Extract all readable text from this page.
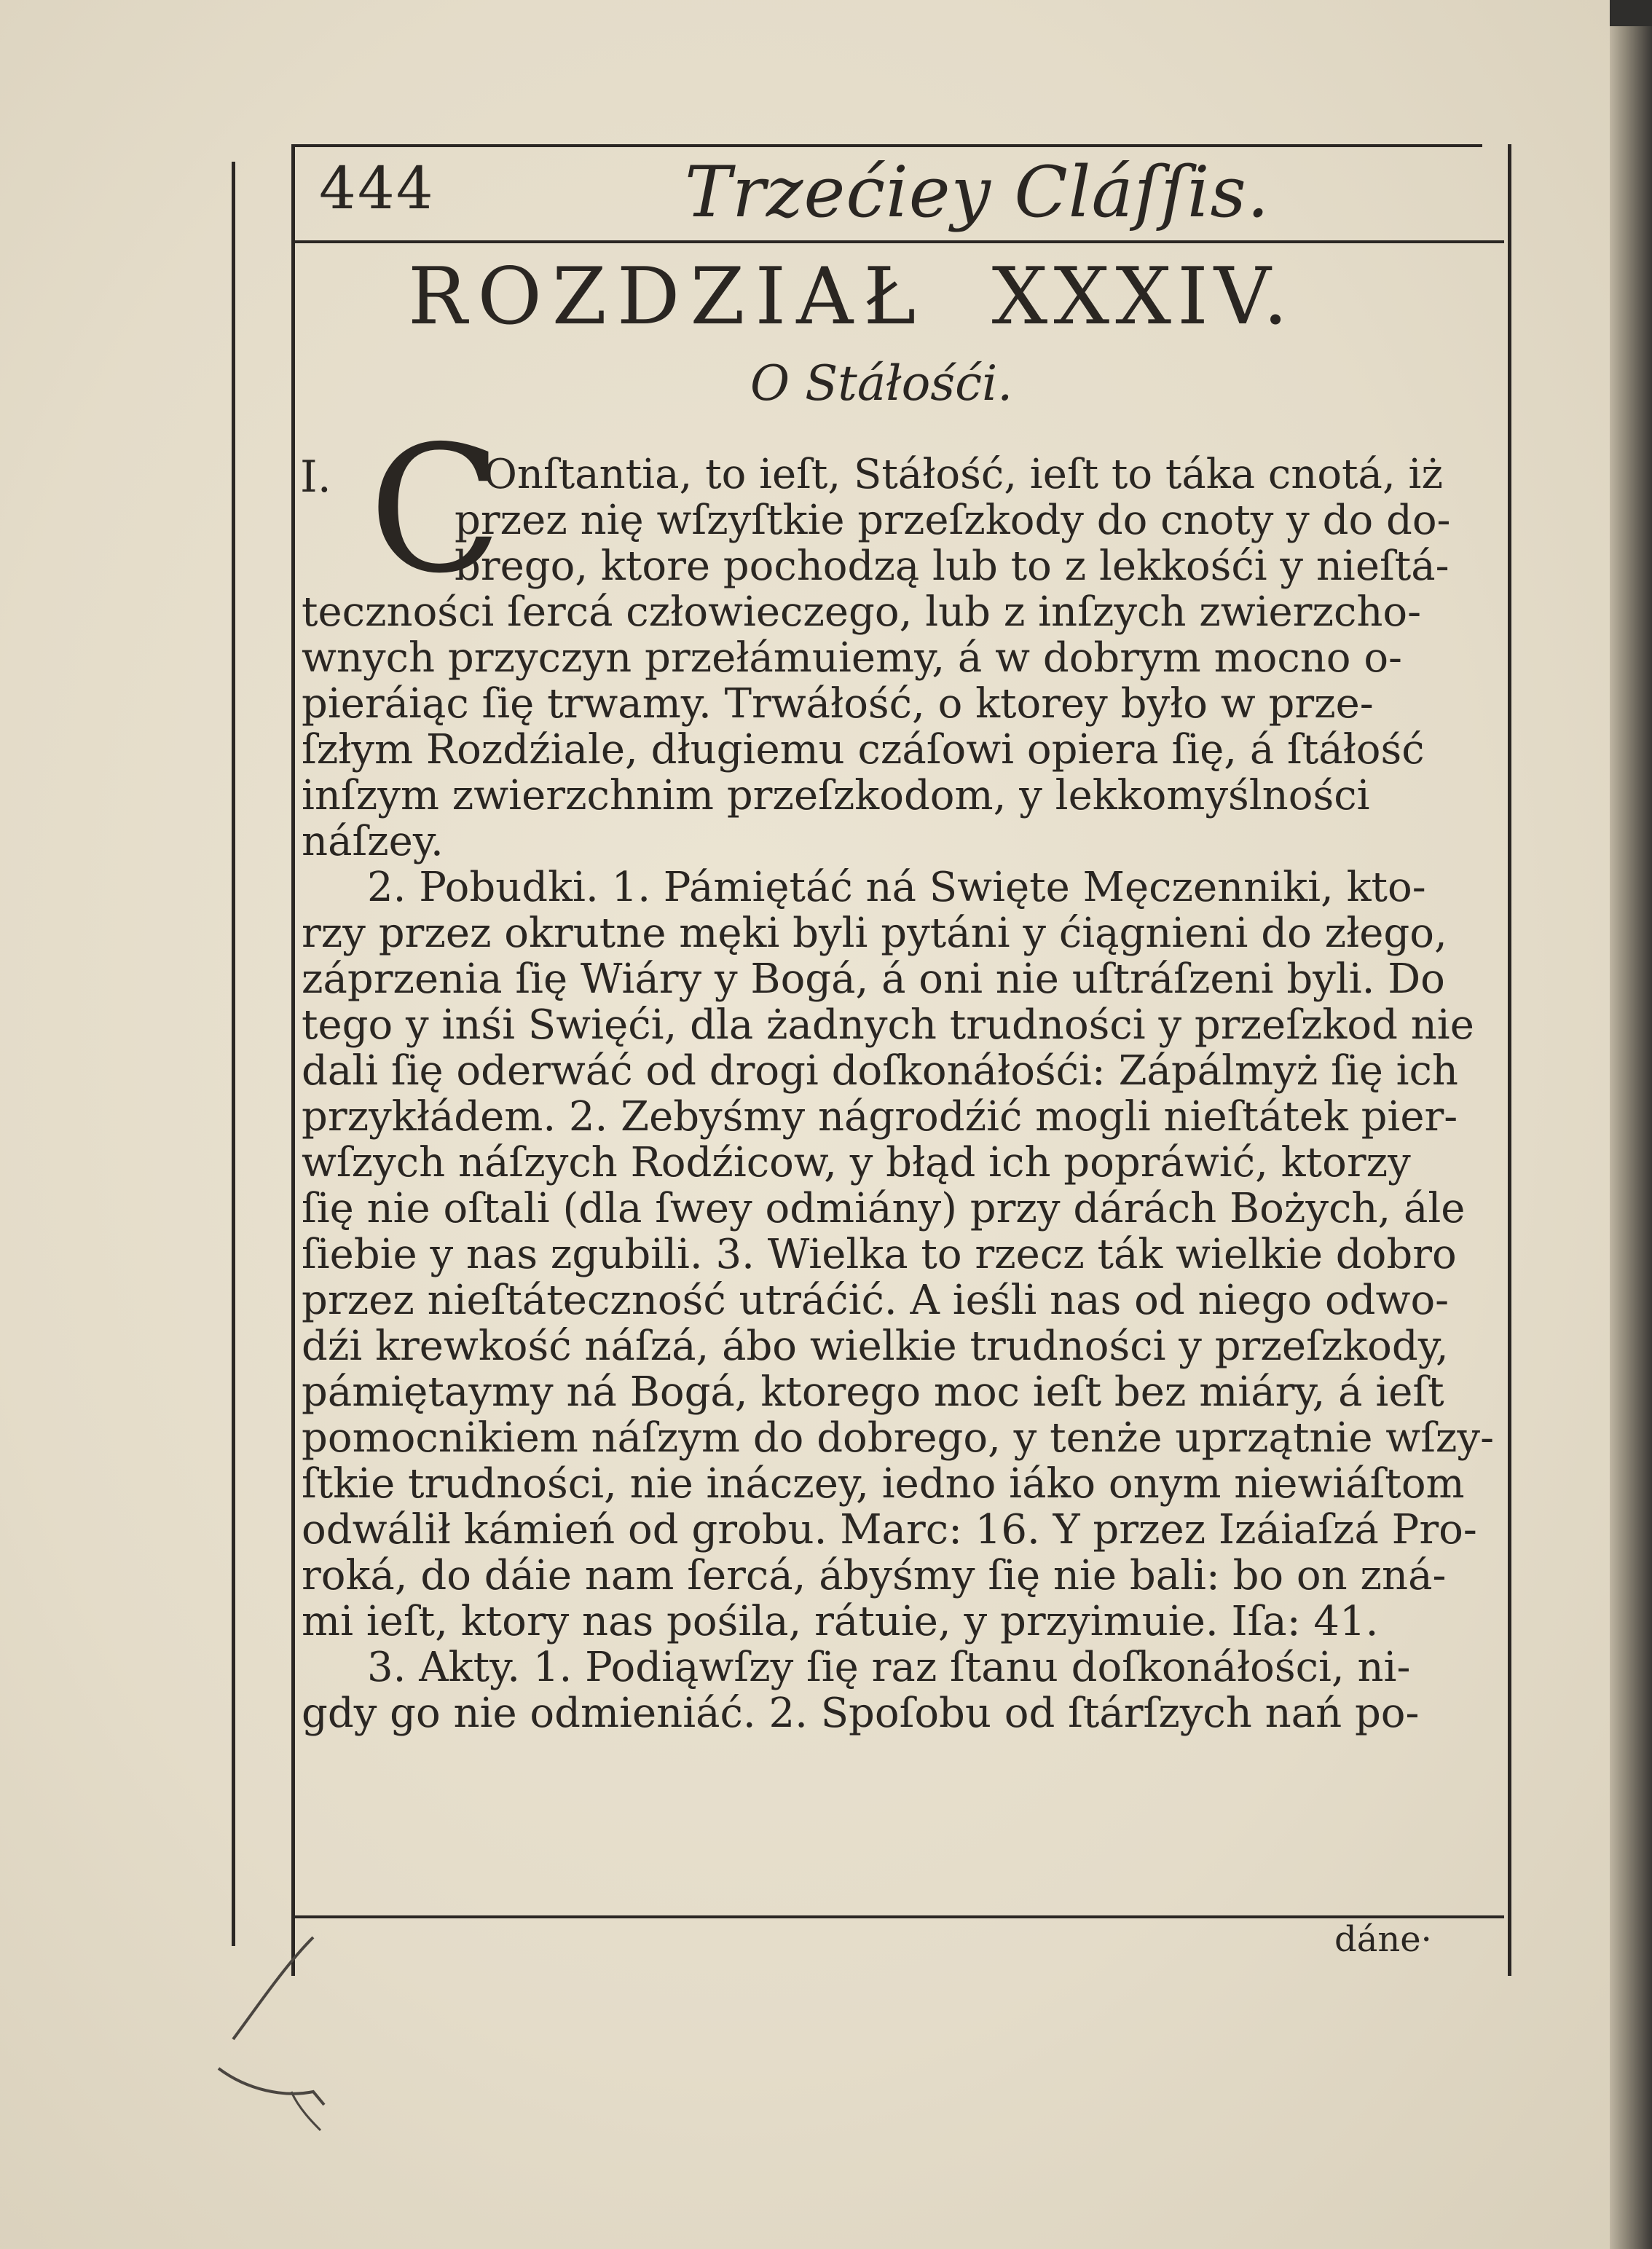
444	Trzećiey Cláſſis.
ROZDZIAŁ XXXIV.
O Stáłośći.
I. C
Onſtantia, to ieſt, Stáłość, ieſt to táka cnotá, iż
przez nię wſzyſtkie przeſzkody do cnoty y do do-
brego, ktore pochodzą lub to z lekkośći y nieſtá-
teczności ſercá człowieczego, lub z inſzych zwierzcho-
wnych przyczyn przełámuiemy, á w dobrym mocno o-
pieráiąc ſię trwamy. Trwáłość, o ktorey było w prze-
ſzłym Rozdźiale, długiemu czáſowi opiera ſię, á ſtáłość
inſzym zwierzchnim przeſzkodom, y lekkomyślności
náſzey.
2. Pobudki. 1. Pámiętáć ná Swięte Męczenniki, kto-
rzy przez okrutne męki byli pytáni y ćiągnieni do złego,
záprzenia ſię Wiáry y Bogá, á oni nie uſtráſzeni byli. Do
tego y inśi Swięći, dla żadnych trudności y przeſzkod nie
dali ſię oderwáć od drogi doſkonáłośći: Zápálmyż ſię ich
przykłádem. 2. Zebyśmy nágrodźić mogli nieſtátek pier-
wſzych náſzych Rodźicow, y błąd ich popráwić, ktorzy
ſię nie oſtali (dla ſwey odmiány) przy dárách Bożych, ále
ſiebie y nas zgubili. 3. Wielka to rzecz ták wielkie dobro
przez nieſtáteczność utráćić. A ieśli nas od niego odwo-
dźi krewkość náſzá, ábo wielkie trudności y przeſzkody,
pámiętaymy ná Bogá, ktorego moc ieſt bez miáry, á ieſt
pomocnikiem náſzym do dobrego, y tenże uprzątnie wſzy-
ſtkie trudności, nie ináczey, iedno iáko onym niewiáſtom
odwálił kámień od grobu. Marc: 16. Y przez Izáiaſzá Pro-
roká, do dáie nam ſercá, ábyśmy ſię nie bali: bo on zná-
mi ieſt, ktory nas pośila, rátuie, y przyimuie. Iſa: 41.
3. Akty. 1. Podiąwſzy ſię raz ſtanu doſkonáłości, ni-
gdy go nie odmieniáć. 2. Spoſobu od ſtárſzych nań po-
dáne·
